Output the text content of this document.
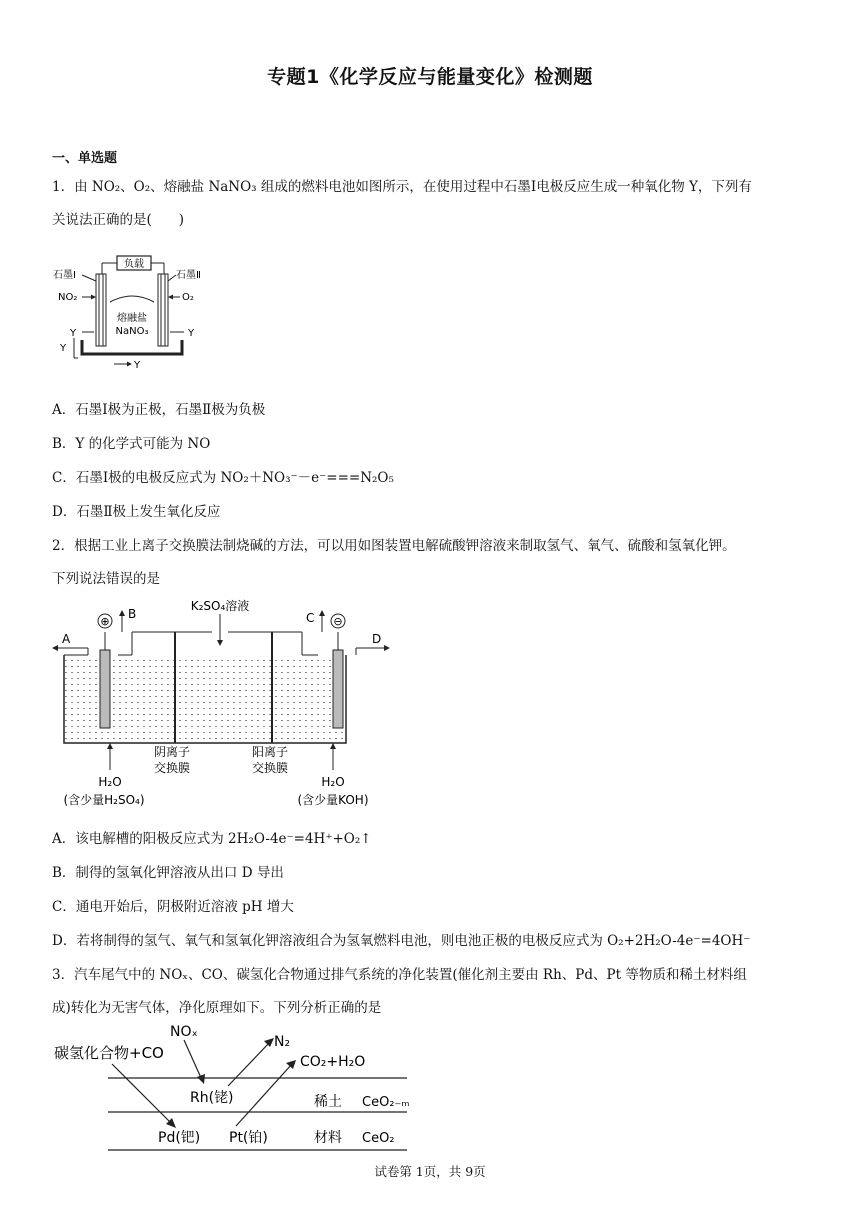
专题1《化学反应与能量变化》检测题
一、单选题
1．由 NO₂、O₂、熔融盐 NaNO₃ 组成的燃料电池如图所示，在使用过程中石墨Ⅰ电极反应生成一种氧化物 Y，下列有
关说法正确的是(　　)
负载
熔融盐
NaNO₃
石墨Ⅰ	石墨Ⅱ
NO₂	O₂
Y	Y
Y
Y
A．石墨Ⅰ极为正极，石墨Ⅱ极为负极
B．Y 的化学式可能为 NO
C．石墨Ⅰ极的电极反应式为 NO₂＋NO₃⁻－e⁻===N₂O₅
D．石墨Ⅱ极上发生氧化反应
2．根据工业上离子交换膜法制烧碱的方法，可以用如图装置电解硫酸钾溶液来制取氢气、氧气、硫酸和氢氧化钾。
下列说法错误的是
⊕	⊖
B	C
K₂SO₄溶液
A	D
阴离子
交换膜
阳离子
交换膜
H₂O
(含少量H₂SO₄)
H₂O
(含少量KOH)
A．该电解槽的阳极反应式为 2H₂O-4e⁻=4H⁺+O₂↑
B．制得的氢氧化钾溶液从出口 D 导出
C．通电开始后，阴极附近溶液 pH 增大
D．若将制得的氢气、氧气和氢氧化钾溶液组合为氢氧燃料电池，则电池正极的电极反应式为 O₂+2H₂O-4e⁻=4OH⁻
3．汽车尾气中的 NOₓ、CO、碳氢化合物通过排气系统的净化装置(催化剂主要由 Rh、Pd、Pt 等物质和稀土材料组
成)转化为无害气体，净化原理如下。下列分析正确的是
碳氢化合物+CO
NOₓ
N₂
CO₂+H₂O
Rh(铑)
Pd(钯) Pt(铂)
稀土 CeO₂₋ₘ
材料 CeO₂
试卷第 1页，共 9页
